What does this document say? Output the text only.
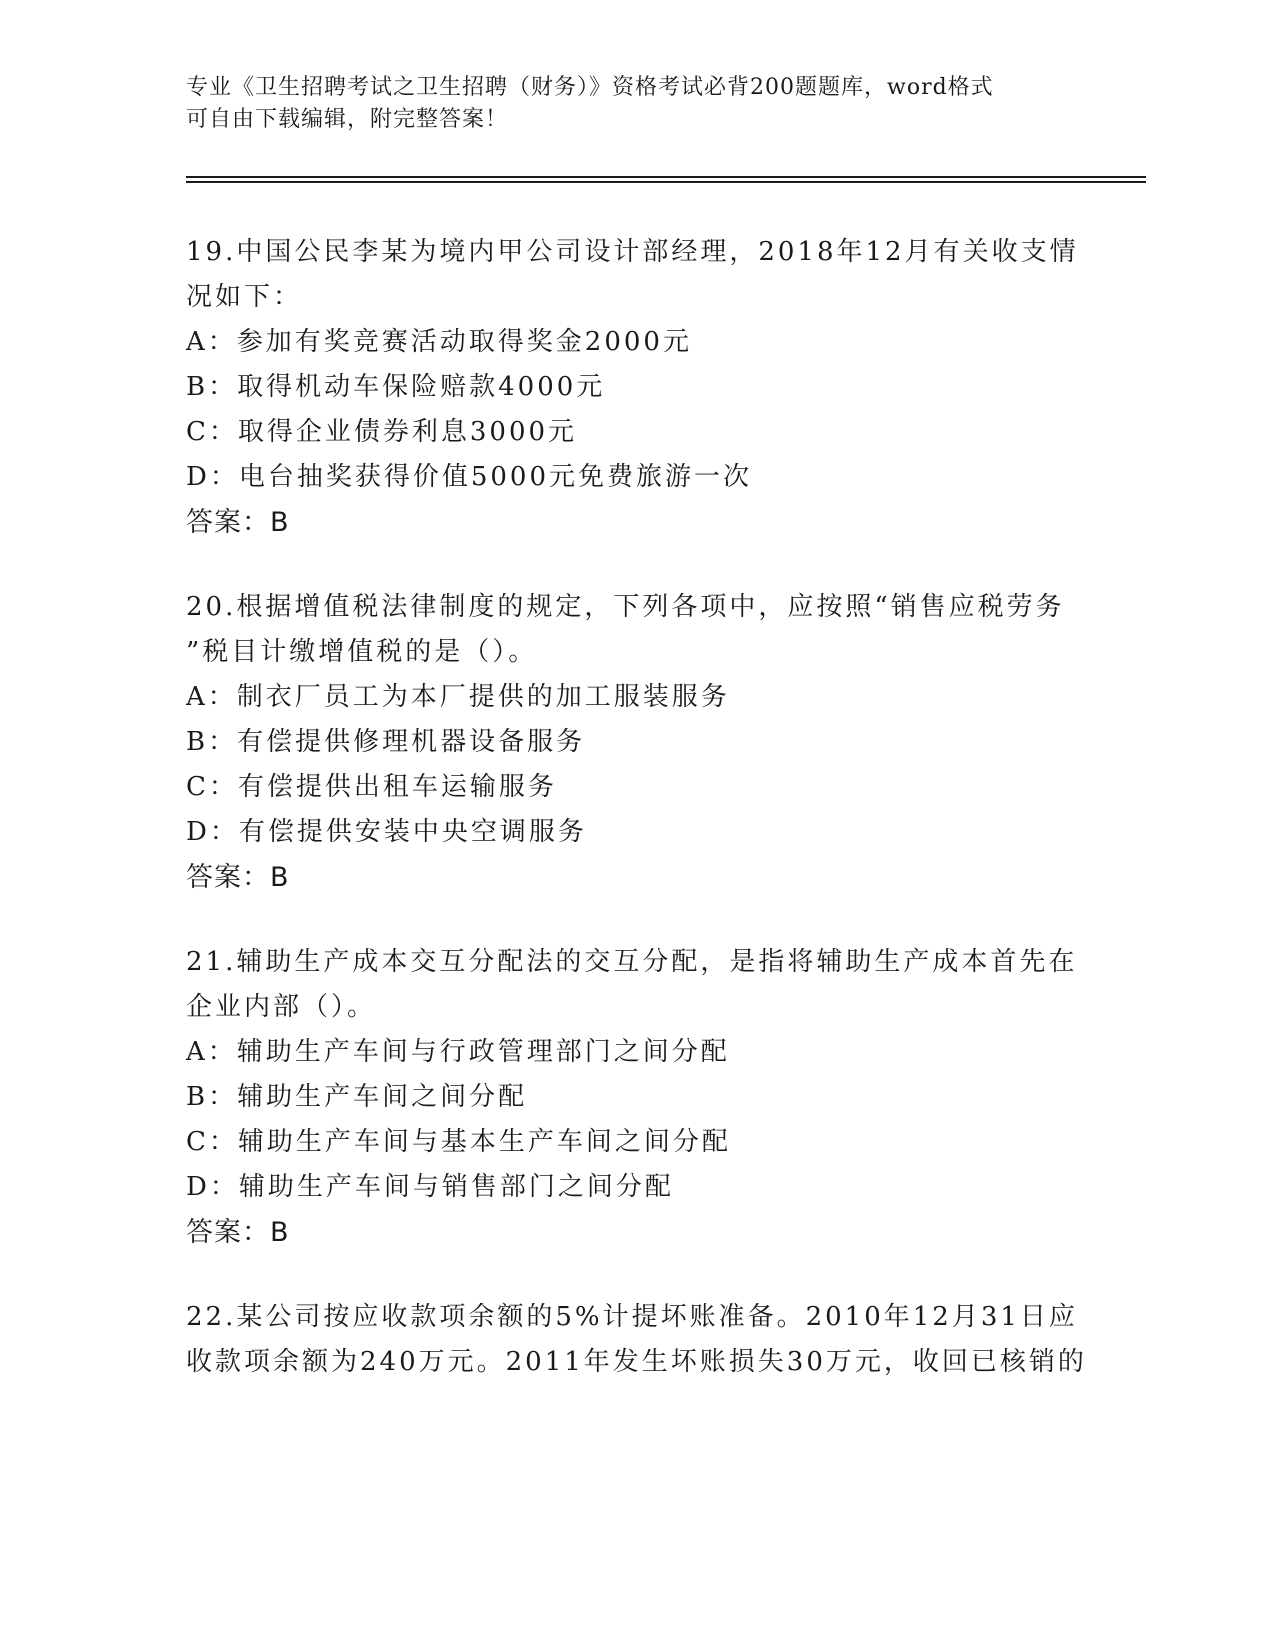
专业《卫生招聘考试之卫生招聘（财务）》资格考试必背200题题库，word格式
可自由下载编辑，附完整答案！
19.中国公民李某为境内甲公司设计部经理，2018年12月有关收支情
况如下：
A：参加有奖竞赛活动取得奖金2000元
B：取得机动车保险赔款4000元
C：取得企业债券利息3000元
D：电台抽奖获得价值5000元免费旅游一次
答案：B
20.根据增值税法律制度的规定，下列各项中，应按照“销售应税劳务
”税目计缴增值税的是（）。
A：制衣厂员工为本厂提供的加工服装服务
B：有偿提供修理机器设备服务
C：有偿提供出租车运输服务
D：有偿提供安装中央空调服务
答案：B
21.辅助生产成本交互分配法的交互分配，是指将辅助生产成本首先在
企业内部（）。
A：辅助生产车间与行政管理部门之间分配
B：辅助生产车间之间分配
C：辅助生产车间与基本生产车间之间分配
D：辅助生产车间与销售部门之间分配
答案：B
22.某公司按应收款项余额的5%计提坏账准备。2010年12月31日应
收款项余额为240万元。2011年发生坏账损失30万元，收回已核销的
